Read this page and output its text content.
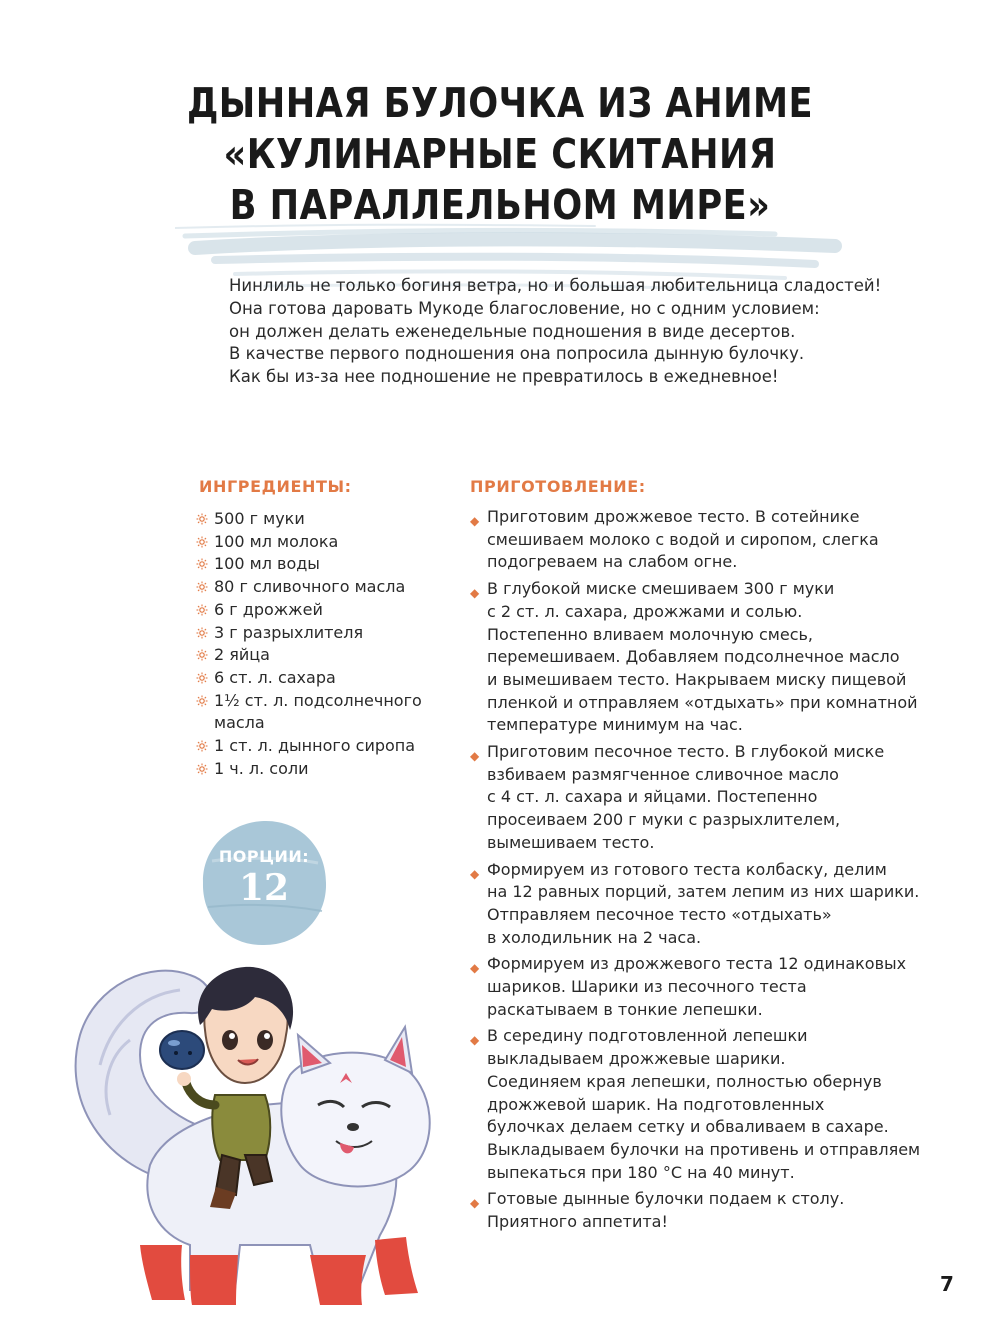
ДЫННАЯ БУЛОЧКА ИЗ АНИМЕ
«КУЛИНАРНЫЕ СКИТАНИЯ
В ПАРАЛЛЕЛЬНОМ МИРЕ»

Нинлиль не только богиня ветра, но и большая любительница сладостей!

Она готова даровать Мукоде благословение, но с одним условием:

он должен делать еженедельные подношения в виде десертов.

В качестве первого подношения она попросила дынную булочку.

Как бы из-за нее подношение не превратилось в ежедневное!

ИНГРЕДИЕНТЫ:
500 г муки
100 мл молока
100 мл воды
80 г сливочного масла
6 г дрожжей
3 г разрыхлителя
2 яйца
6 ст. л. сахара
1½ ст. л. подсолнечного масла
1 ст. л. дынного сиропа
1 ч. л. соли
ПОРЦИИ:
12
ПРИГОТОВЛЕНИЕ:
◆ Приготовим дрожжевое тесто. В сотейнике
смешиваем молоко с водой и сиропом, слегка
подогреваем на слабом огне.
◆ В глубокой миске смешиваем 300 г муки
с 2 ст. л. сахара, дрожжами и солью.
Постепенно вливаем молочную смесь,
перемешиваем. Добавляем подсолнечное масло
и вымешиваем тесто. Накрываем миску пищевой
пленкой и отправляем «отдыхать» при комнатной
температуре минимум на час.
◆ Приготовим песочное тесто. В глубокой миске
взбиваем размягченное сливочное масло
с 4 ст. л. сахара и яйцами. Постепенно
просеиваем 200 г муки с разрыхлителем,
вымешиваем тесто.
◆ Формируем из готового теста колбаску, делим
на 12 равных порций, затем лепим из них шарики.
Отправляем песочное тесто «отдыхать»
в холодильник на 2 часа.
◆ Формируем из дрожжевого теста 12 одинаковых
шариков. Шарики из песочного теста
раскатываем в тонкие лепешки.
◆ В середину подготовленной лепешки
выкладываем дрожжевые шарики.
Соединяем края лепешки, полностью обернув
дрожжевой шарик. На подготовленных
булочках делаем сетку и обваливаем в сахаре.
Выкладываем булочки на противень и отправляем
выпекаться при 180 °C на 40 минут.
◆ Готовые дынные булочки подаем к столу.
Приятного аппетита!
7
